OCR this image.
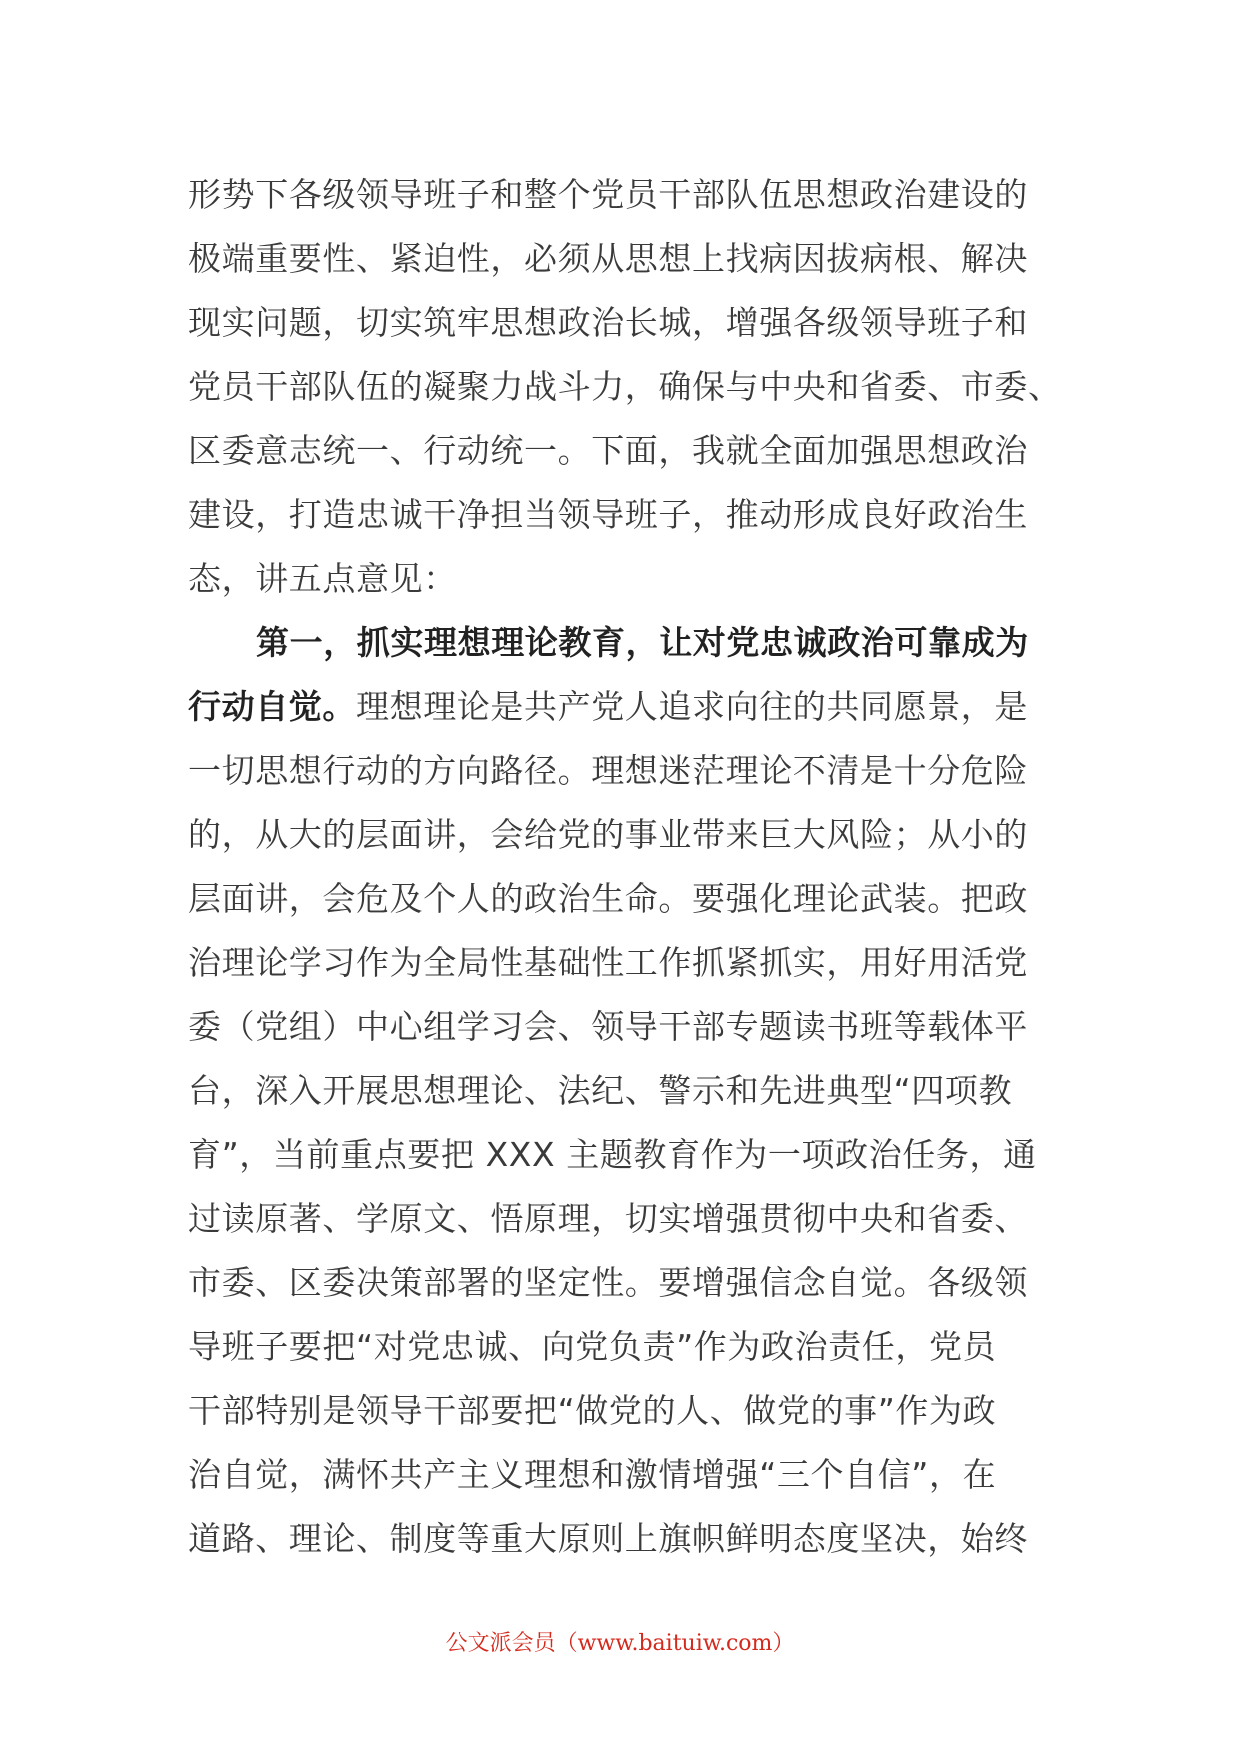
形势下各级领导班子和整个党员干部队伍思想政治建设的
极端重要性、紧迫性，必须从思想上找病因拔病根、解决
现实问题，切实筑牢思想政治长城，增强各级领导班子和
党员干部队伍的凝聚力战斗力，确保与中央和省委、市委、
区委意志统一、行动统一。下面，我就全面加强思想政治
建设，打造忠诚干净担当领导班子，推动形成良好政治生
态，讲五点意见：
第一，抓实理想理论教育，让对党忠诚政治可靠成为
行动自觉。理想理论是共产党人追求向往的共同愿景，是
一切思想行动的方向路径。理想迷茫理论不清是十分危险
的，从大的层面讲，会给党的事业带来巨大风险；从小的
层面讲，会危及个人的政治生命。要强化理论武装。把政
治理论学习作为全局性基础性工作抓紧抓实，用好用活党
委（党组）中心组学习会、领导干部专题读书班等载体平
台，深入开展思想理论、法纪、警示和先进典型“四项教
育”，当前重点要把 XXX 主题教育作为一项政治任务，通
过读原著、学原文、悟原理，切实增强贯彻中央和省委、
市委、区委决策部署的坚定性。要增强信念自觉。各级领
导班子要把“对党忠诚、向党负责”作为政治责任，党员
干部特别是领导干部要把“做党的人、做党的事”作为政
治自觉，满怀共产主义理想和激情增强“三个自信”，在
道路、理论、制度等重大原则上旗帜鲜明态度坚决，始终
公文派会员（www.baituiw.com）
